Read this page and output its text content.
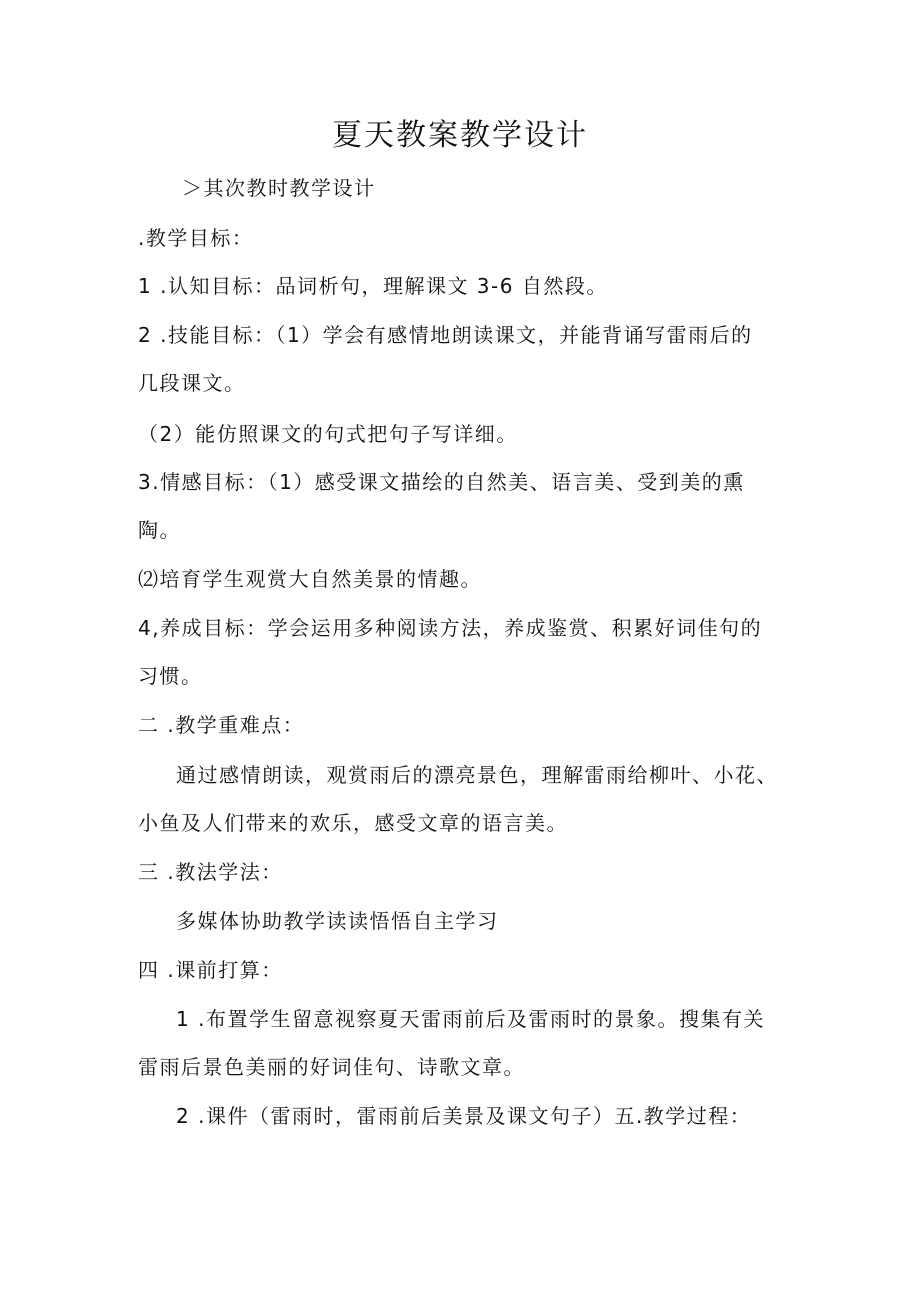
夏天教案教学设计

＞其次教时教学设计

.教学目标：

1 .认知目标：品词析句，理解课文 3-6 自然段。

2 .技能目标：（1）学会有感情地朗读课文，并能背诵写雷雨后的

几段课文。

（2）能仿照课文的句式把句子写详细。

3.情感目标：（1）感受课文描绘的自然美、语言美、受到美的熏

陶。

⑵培育学生观赏大自然美景的情趣。

4,养成目标：学会运用多种阅读方法，养成鉴赏、积累好词佳句的

习惯。

二 .教学重难点：

通过感情朗读，观赏雨后的漂亮景色，理解雷雨给柳叶、小花、

小鱼及人们带来的欢乐，感受文章的语言美。

三 .教法学法：

多媒体协助教学读读悟悟自主学习

四 .课前打算：

1 .布置学生留意视察夏天雷雨前后及雷雨时的景象。搜集有关

雷雨后景色美丽的好词佳句、诗歌文章。

2 .课件（雷雨时，雷雨前后美景及课文句子）五.教学过程：
